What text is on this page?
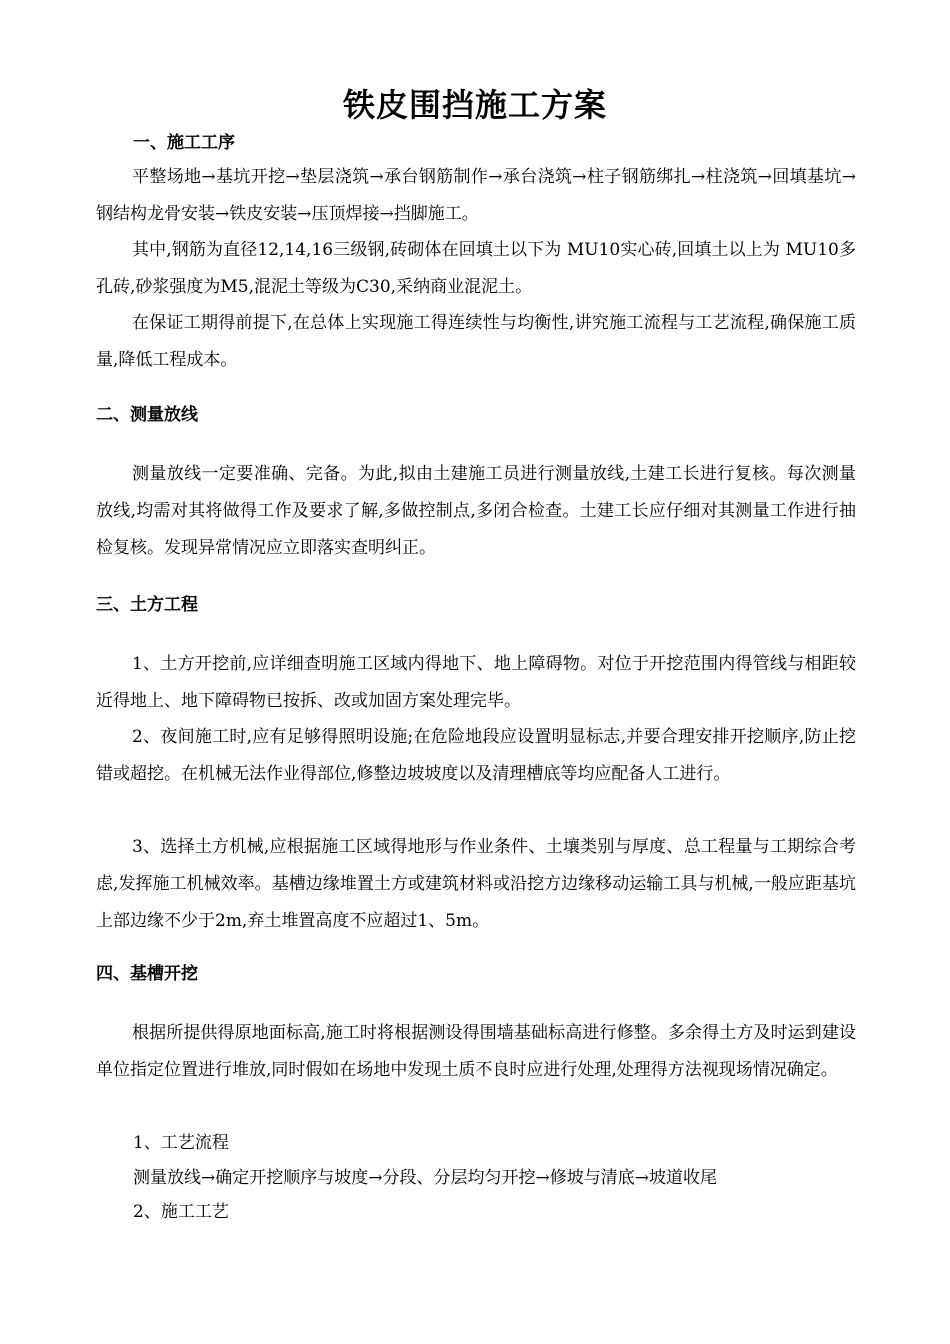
铁皮围挡施工方案
一、施工工序

平整场地→基坑开挖→垫层浇筑→承台钢筋制作→承台浇筑→柱子钢筋绑扎→柱浇筑→回填基坑→钢结构龙骨安装→铁皮安装→压顶焊接→挡脚施工。

其中,钢筋为直径12,14,16三级钢,砖砌体在回填土以下为 MU10实心砖,回填土以上为 MU10多孔砖,砂浆强度为M5,混泥土等级为C30,采纳商业混泥土。

在保证工期得前提下,在总体上实现施工得连续性与均衡性,讲究施工流程与工艺流程,确保施工质量,降低工程成本。

二、测量放线

测量放线一定要准确、完备。为此,拟由土建施工员进行测量放线,土建工长进行复核。每次测量放线,均需对其将做得工作及要求了解,多做控制点,多闭合检查。土建工长应仔细对其测量工作进行抽检复核。发现异常情况应立即落实查明纠正。

三、土方工程

1、土方开挖前,应详细查明施工区域内得地下、地上障碍物。对位于开挖范围内得管线与相距较近得地上、地下障碍物已按拆、改或加固方案处理完毕。

2、夜间施工时,应有足够得照明设施;在危险地段应设置明显标志,并要合理安排开挖顺序,防止挖错或超挖。在机械无法作业得部位,修整边坡坡度以及清理槽底等均应配备人工进行。

3、选择土方机械,应根据施工区域得地形与作业条件、土壤类别与厚度、总工程量与工期综合考虑,发挥施工机械效率。基槽边缘堆置土方或建筑材料或沿挖方边缘移动运输工具与机械,一般应距基坑上部边缘不少于2m,弃土堆置高度不应超过1、5m。

四、基槽开挖

根据所提供得原地面标高,施工时将根据测设得围墙基础标高进行修整。多余得土方及时运到建设单位指定位置进行堆放,同时假如在场地中发现土质不良时应进行处理,处理得方法视现场情况确定。

1、工艺流程
测量放线→确定开挖顺序与坡度→分段、分层均匀开挖→修坡与清底→坡道收尾
2、施工工艺
